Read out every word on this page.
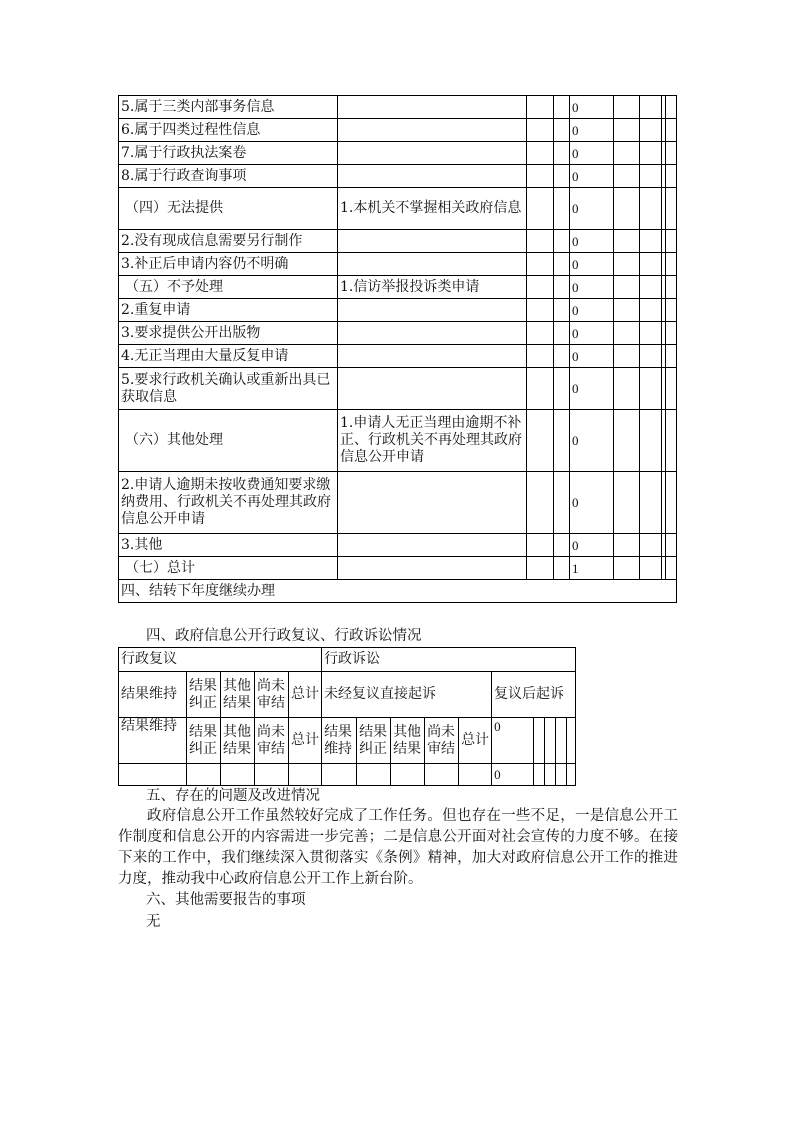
5.属于三类内部事务信息				0				
6.属于四类过程性信息				0				
7.属于行政执法案卷				0				
8.属于行政查询事项				0				
（四）无法提供	1.本机关不掌握相关政府信息			0				
2.没有现成信息需要另行制作				0				
3.补正后申请内容仍不明确				0				
（五）不予处理	1.信访举报投诉类申请			0				
2.重复申请				0				
3.要求提供公开出版物				0				
4.无正当理由大量反复申请				0				
5.要求行政机关确认或重新出具已获取信息				0				
（六）其他处理	1.申请人无正当理由逾期不补正、行政机关不再处理其政府信息公开申请			0				
2.申请人逾期未按收费通知要求缴纳费用、行政机关不再处理其政府信息公开申请				0				
3.其他				0				
（七）总计				1				
四、结转下年度继续办理								
四、政府信息公开行政复议、行政诉讼情况
行政复议					行政诉讼									
结果维持	结果纠正	其他结果	尚未审结	总计	未经复议直接起诉					复议后起诉				
结果维持	结果纠正	其他结果	尚未审结	总计	结果维持	结果纠正	其他结果	尚未审结	总计	0				
										0				
五、存在的问题及改进情况
政府信息公开工作虽然较好完成了工作任务。但也存在一些不足，一是信息公开工作制度和信息公开的内容需进一步完善；二是信息公开面对社会宣传的力度不够。在接下来的工作中，我们继续深入贯彻落实《条例》精神，加大对政府信息公开工作的推进力度，推动我中心政府信息公开工作上新台阶。
六、其他需要报告的事项
无
